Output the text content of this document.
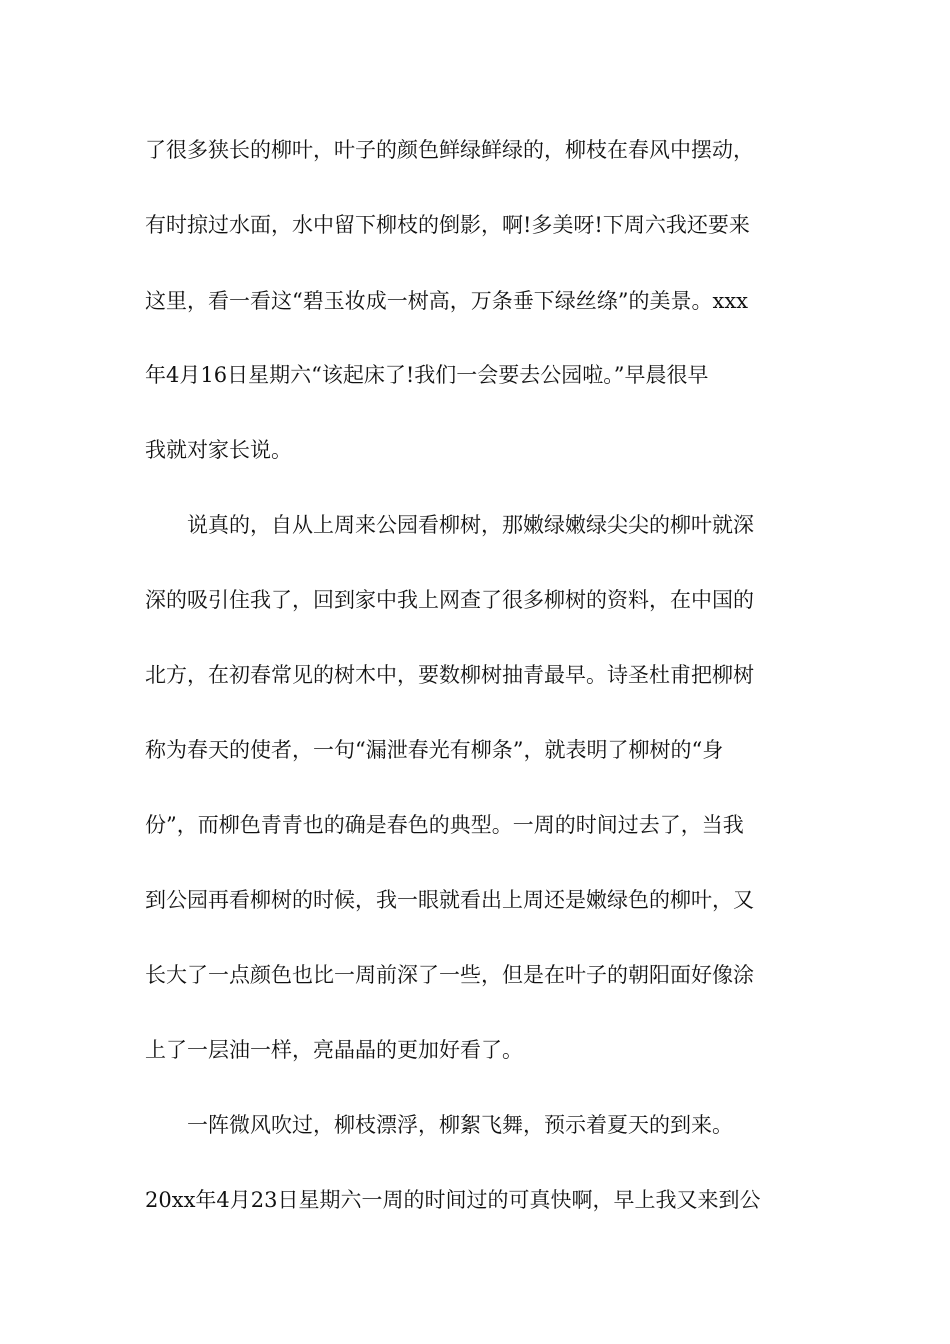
了很多狭长的柳叶，叶子的颜色鲜绿鲜绿的，柳枝在春风中摆动，
有时掠过水面，水中留下柳枝的倒影，啊!多美呀!下周六我还要来
这里，看一看这“碧玉妆成一树高，万条垂下绿丝绦”的美景。xxx
年4月16日星期六“该起床了!我们一会要去公园啦。”早晨很早
我就对家长说。
　　说真的，自从上周来公园看柳树，那嫩绿嫩绿尖尖的柳叶就深
深的吸引住我了，回到家中我上网查了很多柳树的资料，在中国的
北方，在初春常见的树木中，要数柳树抽青最早。诗圣杜甫把柳树
称为春天的使者，一句“漏泄春光有柳条”，就表明了柳树的“身
份”，而柳色青青也的确是春色的典型。一周的时间过去了，当我
到公园再看柳树的时候，我一眼就看出上周还是嫩绿色的柳叶，又
长大了一点颜色也比一周前深了一些，但是在叶子的朝阳面好像涂
上了一层油一样，亮晶晶的更加好看了。
　　一阵微风吹过，柳枝漂浮，柳絮飞舞，预示着夏天的到来。
20xx年4月23日星期六一周的时间过的可真快啊，早上我又来到公
